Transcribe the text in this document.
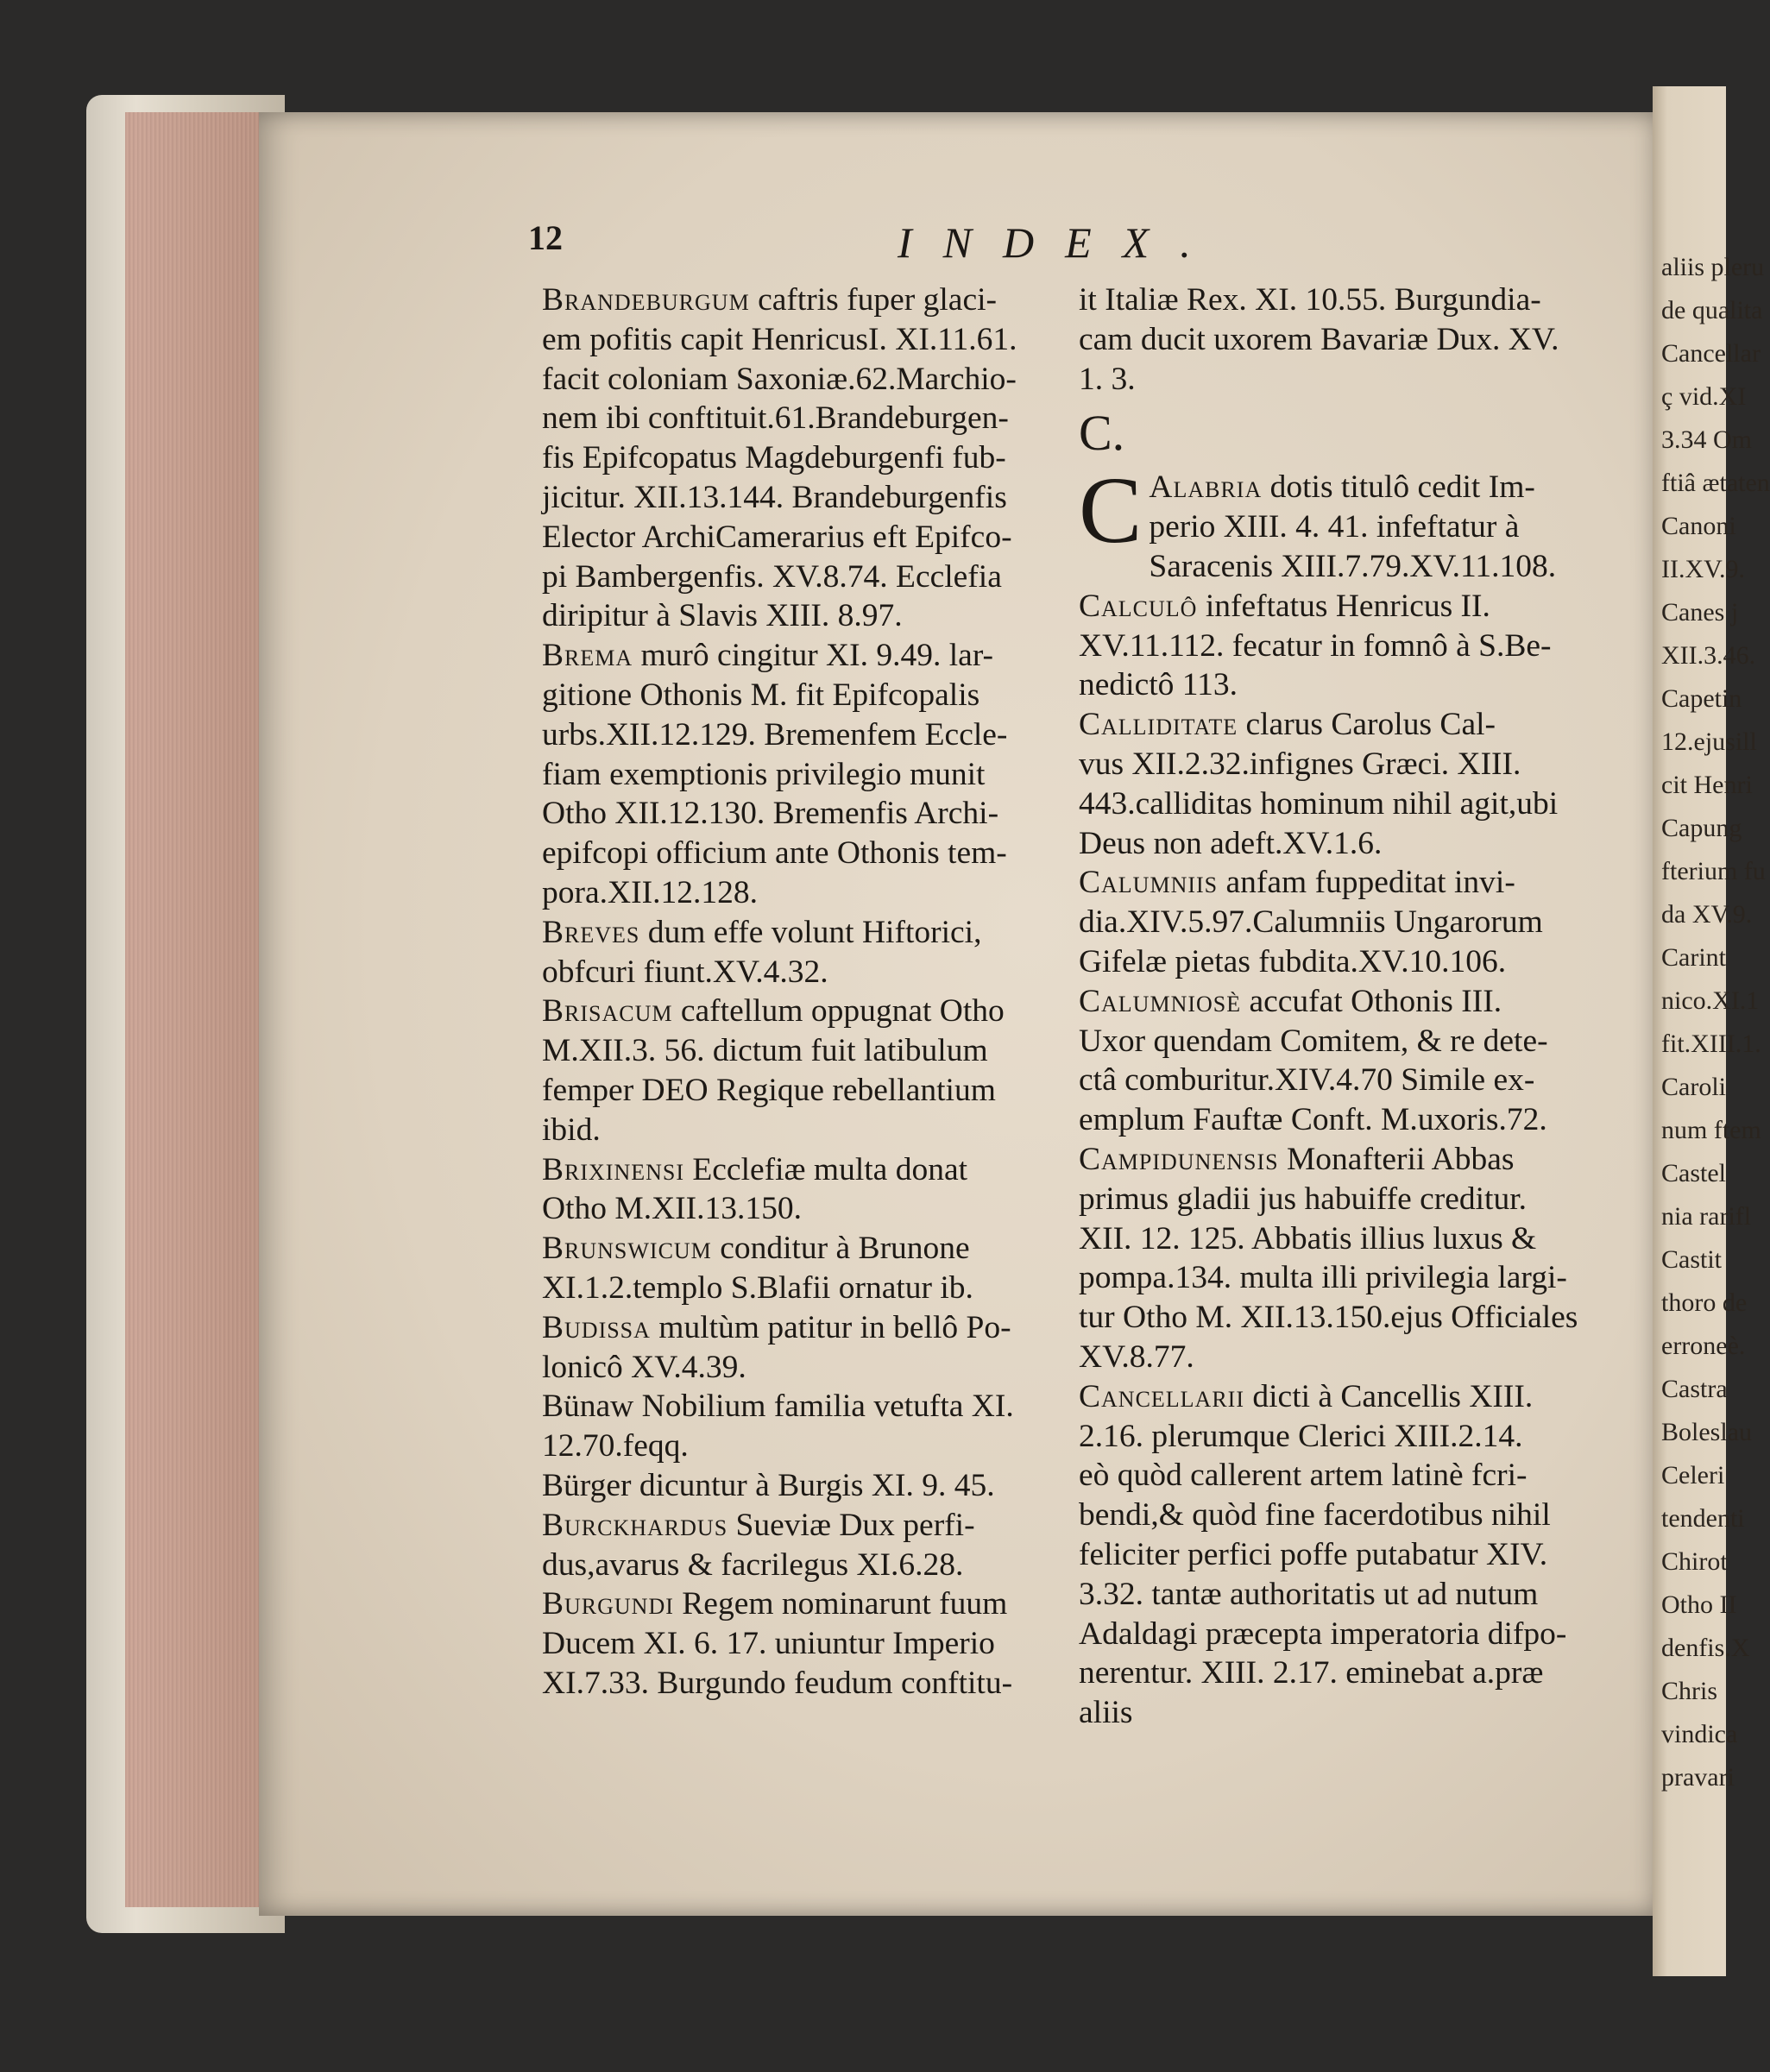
aliis pleru
de qualita
Cancellar
ç vid.XI
3.34 Om
ftiâ ætaten
Canoni
II.XV.9.
Canes j
XII.3.46.
Capetin
12.ejusill
cit Henri
Capung
fterium fu
da XV.9.
Carint
nico.XI.1
fit.XIII.1.
Caroli
num ftem
Castel
nia rarifl
Castit
thoro de
erroneè.
Castra
Boleslau
Celeri
tendenti
Chirot
Otho II
denfis.X
Chris
vindica
pravari
12	INDEX.
Brandeburgum caftris fuper glaci-
em pofitis capit HenricusI. XI.11.61.
facit coloniam Saxoniæ.62.Marchio-
nem ibi conftituit.61.Brandeburgen-
fis Epifcopatus Magdeburgenfi fub-
jicitur. XII.13.144. Brandeburgenfis
Elector ArchiCamerarius eft Epifco-
pi Bambergenfis. XV.8.74. Ecclefia
diripitur à Slavis XIII. 8.97.
Brema murô cingitur XI. 9.49. lar-
gitione Othonis M. fit Epifcopalis
urbs.XII.12.129. Bremenfem Eccle-
fiam exemptionis privilegio munit
Otho XII.12.130. Bremenfis Archi-
epifcopi officium ante Othonis tem-
pora.XII.12.128.
Breves dum effe volunt Hiftorici,
obfcuri fiunt.XV.4.32.
Brisacum caftellum oppugnat Otho
M.XII.3. 56. dictum fuit latibulum
femper DEO Regique rebellantium
ibid.
Brixinensi Ecclefiæ multa donat
Otho M.XII.13.150.
Brunswicum conditur à Brunone
XI.1.2.templo S.Blafii ornatur ib.
Budissa multùm patitur in bellô Po-
lonicô XV.4.39.
Bünaw Nobilium familia vetufta XI.
12.70.feqq.
Bürger dicuntur à Burgis XI. 9. 45.
Burckhardus Sueviæ Dux perfi-
dus,avarus & facrilegus XI.6.28.
Burgundi Regem nominarunt fuum
Ducem XI. 6. 17. uniuntur Imperio
XI.7.33. Burgundo feudum conftitu-
it Italiæ Rex. XI. 10.55. Burgundia-
cam ducit uxorem Bavariæ Dux. XV.
1. 3.
C.
C Alabria dotis titulô cedit Im-
perio XIII. 4. 41. infeftatur à
Saracenis XIII.7.79.XV.11.108.
Calculô infeftatus Henricus II.
XV.11.112. fecatur in fomnô à S.Be-
nedictô 113.
Calliditate clarus Carolus Cal-
vus XII.2.32.infignes Græci. XIII.
443.calliditas hominum nihil agit,ubi
Deus non adeft.XV.1.6.
Calumniis anfam fuppeditat invi-
dia.XIV.5.97.Calumniis Ungarorum
Gifelæ pietas fubdita.XV.10.106.
Calumniosè accufat Othonis III.
Uxor quendam Comitem, & re dete-
ctâ comburitur.XIV.4.70 Simile ex-
emplum Fauftæ Conft. M.uxoris.72.
Campidunensis Monafterii Abbas
primus gladii jus habuiffe creditur.
XII. 12. 125. Abbatis illius luxus &
pompa.134. multa illi privilegia largi-
tur Otho M. XII.13.150.ejus Officiales
XV.8.77.
Cancellarii dicti à Cancellis XIII.
2.16. plerumque Clerici XIII.2.14.
eò quòd callerent artem latinè fcri-
bendi,& quòd fine facerdotibus nihil
feliciter perfici poffe putabatur XIV.
3.32. tantæ authoritatis ut ad nutum
Adaldagi præcepta imperatoria difpo-
nerentur. XIII. 2.17. eminebat a.præ
aliis
